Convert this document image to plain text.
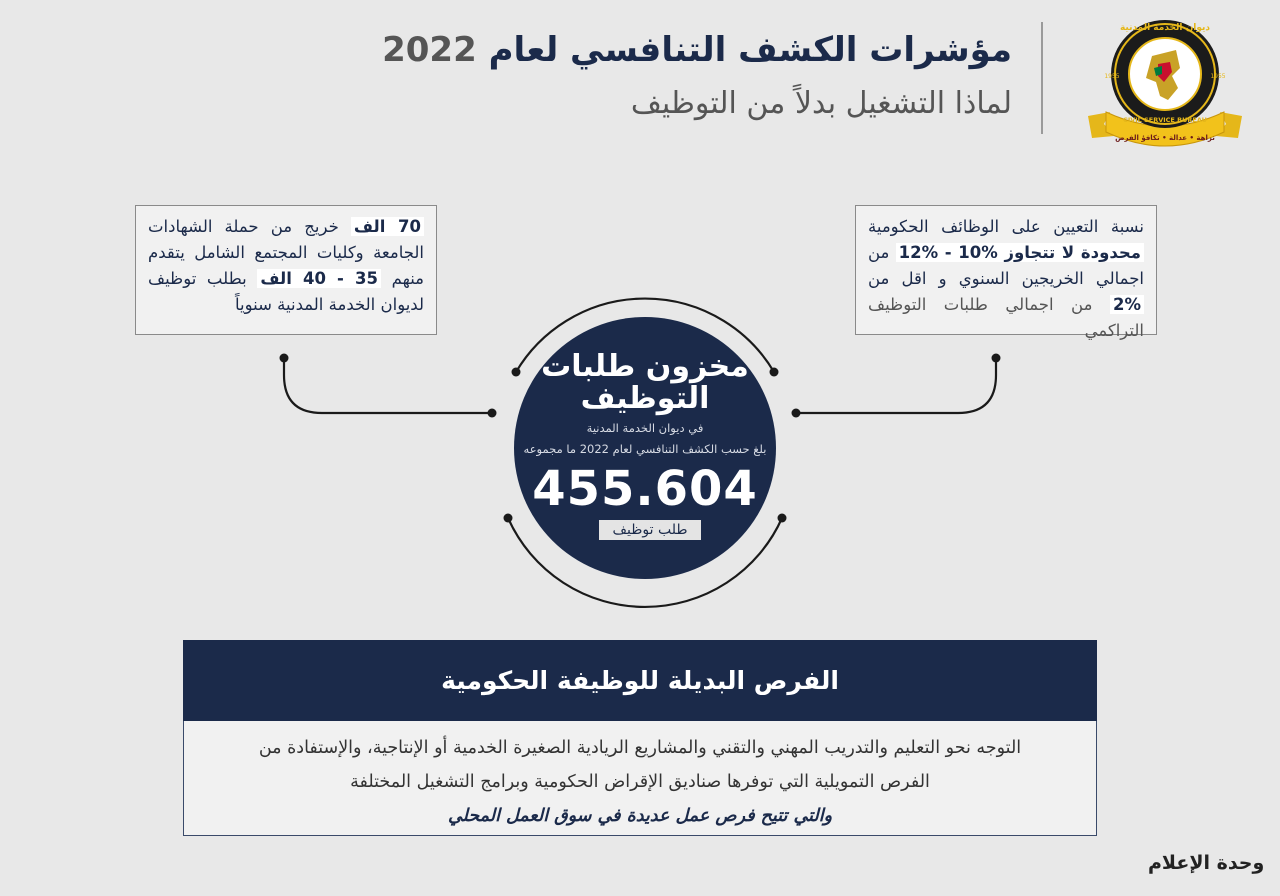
مؤشرات الكشف التنافسي لعام 2022
لماذا التشغيل بدلاً من التوظيف
ديوان الخدمة المدنية
CIVIL SERVICE BUREAU
1955	1955
نزاهة • عدالة • تكافؤ الفرص
70 الف خريج من حملة الشهادات الجامعة وكليات المجتمع الشامل يتقدم منهم 35 - 40 الف بطلب توظيف لديوان الخدمة المدنية سنوياً
نسبة التعيين على الوظائف الحكومية محدودة لا تتجاوز %10 - %12 من اجمالي الخريجين السنوي و اقل من %2 من اجمالي طلبات التوظيف التراكمي
مخزون طلبات التوظيف
في ديوان الخدمة المدنية
بلغ حسب الكشف التنافسي لعام 2022 ما مجموعه
455.604
طلب توظيف
الفرص البديلة للوظيفة الحكومية
التوجه نحو التعليم والتدريب المهني والتقني والمشاريع الريادية الصغيرة الخدمية أو الإنتاجية، والإستفادة من
الفرص التمويلية التي توفرها صناديق الإقراض الحكومية وبرامج التشغيل المختلفة
والتي تتيح فرص عمل عديدة في سوق العمل المحلي
وحدة الإعلام
